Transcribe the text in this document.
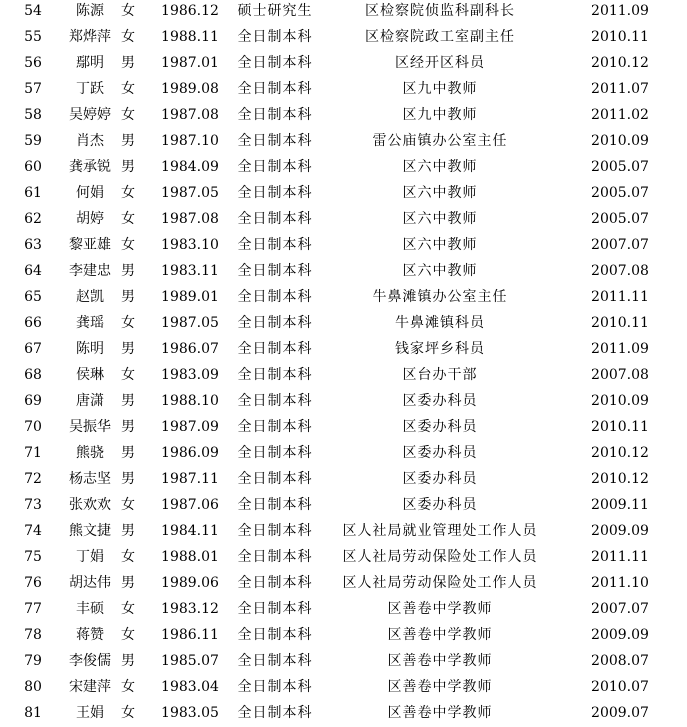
54	陈源	女	1986.12	硕士研究生	区检察院侦监科副科长	2011.09
55	郑烨萍 女	1988.11	全日制本科	区检察院政工室副主任	2010.11
56	鄢明	男	1987.01	全日制本科	区经开区科员	2010.12
57	丁跃	女	1989.08	全日制本科	区九中教师	2011.07
58	吴婷婷 女	1987.08	全日制本科	区九中教师	2011.02
59	肖杰	男	1987.10	全日制本科	雷公庙镇办公室主任	2010.09
60	龚承锐 男	1984.09	全日制本科	区六中教师	2005.07
61	何娟	女	1987.05	全日制本科	区六中教师	2005.07
62	胡婷	女	1987.08	全日制本科	区六中教师	2005.07
63	黎亚雄 女	1983.10	全日制本科	区六中教师	2007.07
64	李建忠 男	1983.11	全日制本科	区六中教师	2007.08
65	赵凯	男	1989.01	全日制本科	牛鼻滩镇办公室主任	2011.11
66	龚瑶	女	1987.05	全日制本科	牛鼻滩镇科员	2010.11
67	陈明	男	1986.07	全日制本科	钱家坪乡科员	2011.09
68	侯琳	女	1983.09	全日制本科	区台办干部	2007.08
69	唐潇	男	1988.10	全日制本科	区委办科员	2010.09
70	吴振华 男	1987.09	全日制本科	区委办科员	2010.11
71	熊骁	男	1986.09	全日制本科	区委办科员	2010.12
72	杨志坚 男	1987.11	全日制本科	区委办科员	2010.12
73	张欢欢 女	1987.06	全日制本科	区委办科员	2009.11
74	熊文捷 男	1984.11	全日制本科	区人社局就业管理处工作人员	2009.09
75	丁娟	女	1988.01	全日制本科	区人社局劳动保险处工作人员	2011.11
76	胡达伟 男	1989.06	全日制本科	区人社局劳动保险处工作人员	2011.10
77	丰硕	女	1983.12	全日制本科	区善卷中学教师	2007.07
78	蒋赞	女	1986.11	全日制本科	区善卷中学教师	2009.09
79	李俊儒 男	1985.07	全日制本科	区善卷中学教师	2008.07
80	宋建萍 女	1983.04	全日制本科	区善卷中学教师	2010.07
81	王娟	女	1983.05	全日制本科	区善卷中学教师	2009.07
